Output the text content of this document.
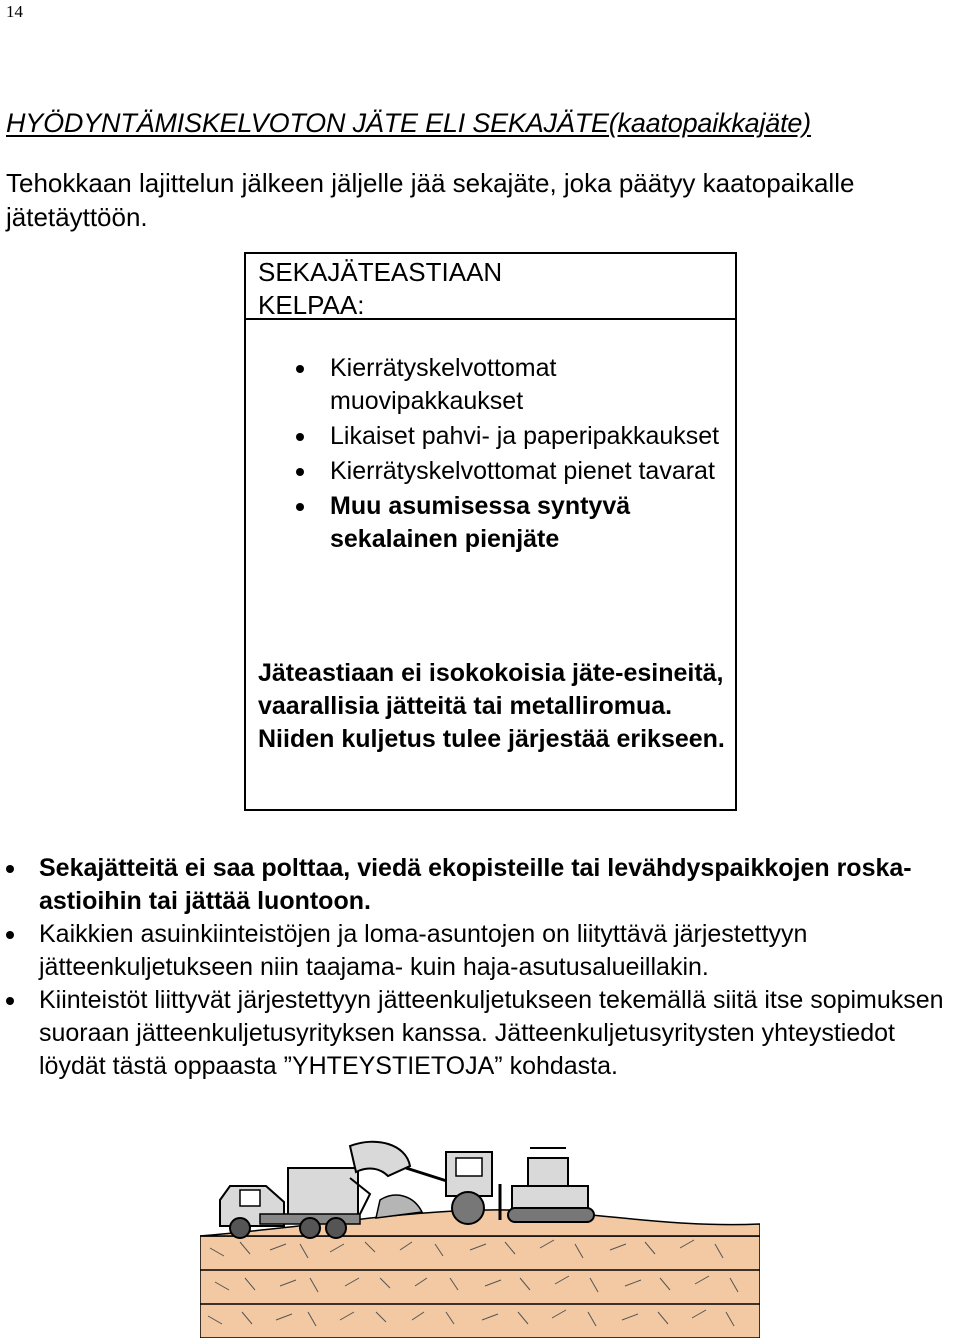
14
HYÖDYNTÄMISKELVOTON JÄTE ELI SEKAJÄTE(kaatopaikkajäte)

Tehokkaan lajittelun jälkeen jäljelle jää sekajäte, joka päätyy kaatopaikalle jätetäyttöön.

SEKAJÄTEASTIAAN
KELPAA:
Kierrätyskelvottomat muovipakkaukset
Likaiset pahvi- ja paperipakkaukset
Kierrätyskelvottomat pienet tavarat
Muu asumisessa syntyvä sekalainen pienjäte
Jäteastiaan ei isokokoisia jäte-esineitä, vaarallisia jätteitä tai metalliromua. Niiden kuljetus tulee järjestää erikseen.
Sekajätteitä ei saa polttaa, viedä ekopisteille tai levähdyspaikkojen roska-astioihin tai jättää luontoon.
Kaikkien asuinkiinteistöjen ja loma-asuntojen on liityttävä järjestettyyn jätteenkuljetukseen niin taajama- kuin haja-asutusalueillakin.
Kiinteistöt liittyvät järjestettyyn jätteenkuljetukseen tekemällä siitä itse sopimuksen suoraan jätteenkuljetusyrityksen kanssa. Jätteenkuljetusyritysten yhteystiedot löydät tästä oppaasta ”YHTEYSTIETOJA” kohdasta.
